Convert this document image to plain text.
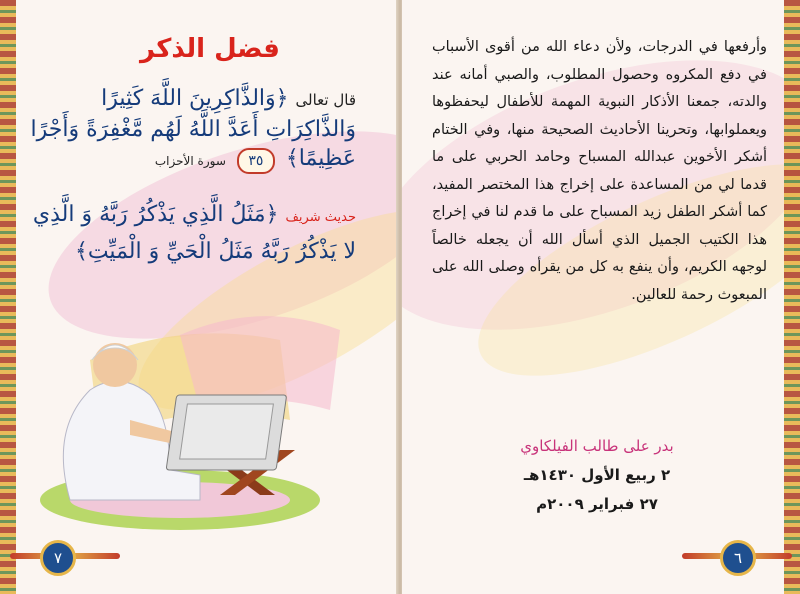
فضل الذكر
قال تعالى ﴿وَالذَّاكِرِينَ اللَّهَ كَثِيرًا
وَالذَّاكِرَاتِ أَعَدَّ اللَّهُ لَهُم مَّغْفِرَةً وَأَجْرًا
عَظِيمًا﴾ ٣٥ سورة الأحزاب
حديث شريف ﴿مَثَلُ الَّذِي يَذْكُرُ رَبَّهُ وَ الَّذِي
لا يَذْكُرُ رَبَّهُ مَثَلُ الْحَيِّ وَ الْمَيِّتِ﴾
٧

وأرفعها في الدرجات، ولأن دعاء الله من أقوى الأسباب في دفع المكروه وحصول المطلوب، والصبي أمانه عند والدته، جمعنا الأذكار النبوية المهمة للأطفال ليحفظوها ويعملوابها، وتحرينا الأحاديث الصحيحة منها، وفي الختام أشكر الأخوين عبدالله المسباح وحامد الحربي على ما قدما لي من المساعدة على إخراج هذا المختصر المفيد، كما أشكر الطفل زيد المسباح على ما قدم لنا في إخراج هذا الكتيب الجميل الذي أسأل الله أن يجعله خالصاً لوجهه الكريم، وأن ينفع به كل من يقرأه وصلى الله على المبعوث رحمة للعالين.

بدر على طالب الفيلكاوي
٢ ربيع الأول ١٤٣٠هـ
٢٧ فبراير ٢٠٠٩م
٦
